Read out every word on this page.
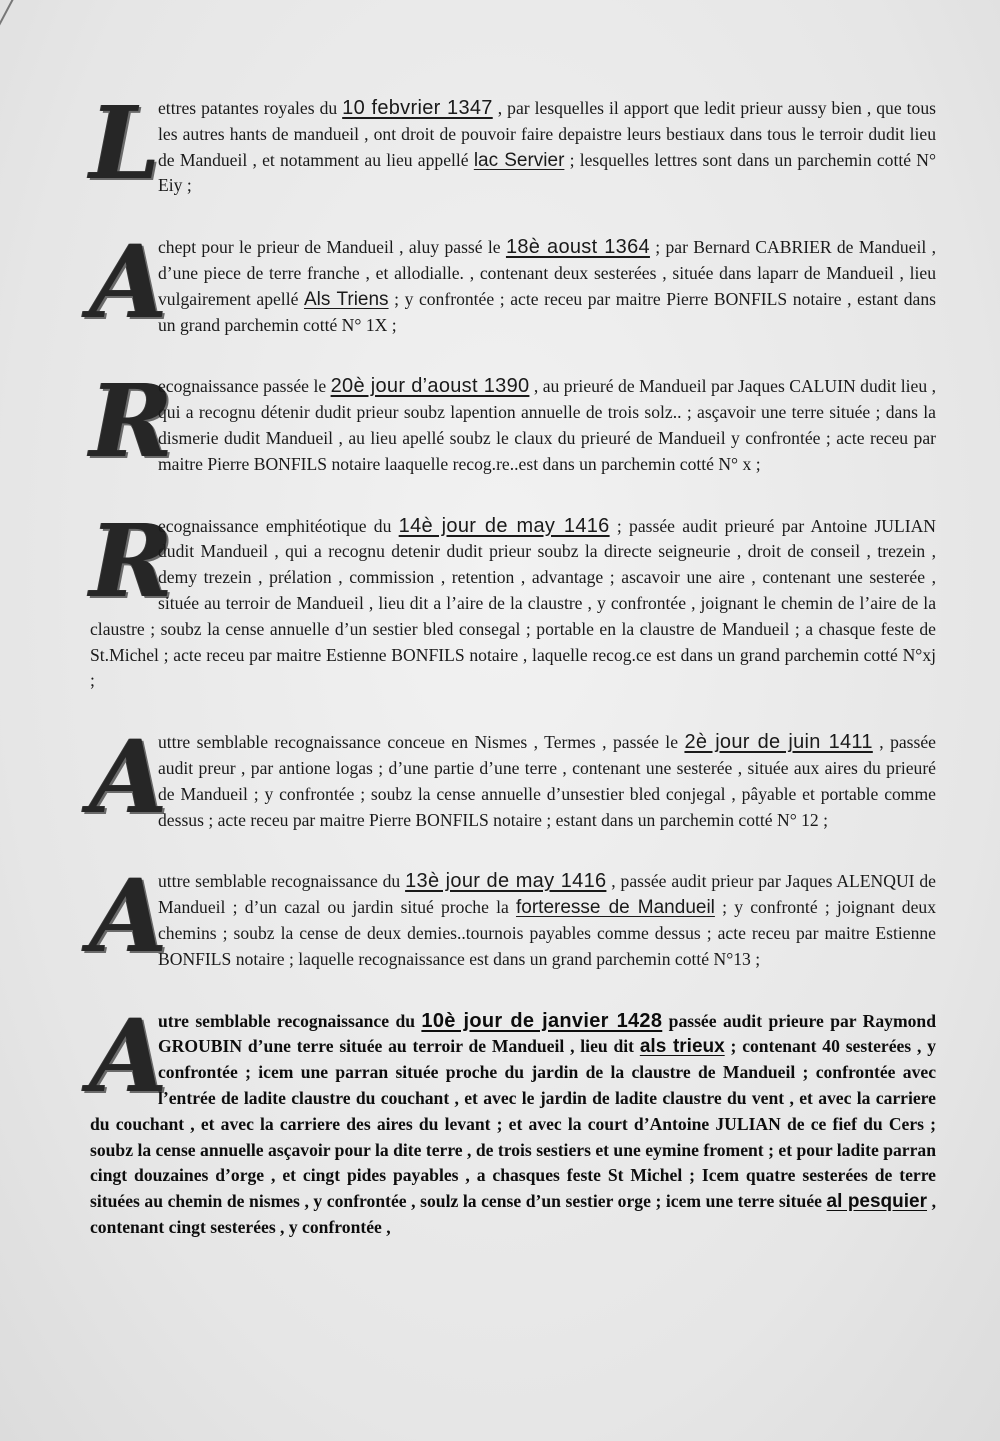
L
ettres patantes royales du 10 febvrier 1347 , par lesquelles il apport que ledit prieur aussy bien , que tous les autres hants de mandueil , ont droit de pouvoir faire depaistre leurs bestiaux dans tous le terroir dudit lieu de Mandueil , et notamment au lieu appellé lac Servier ; lesquelles lettres sont dans un parchemin cotté N° Eiy ;
A
chept pour le prieur de Mandueil , aluy passé le 18è aoust 1364 ; par Bernard CABRIER de Mandueil , d’une piece de terre franche , et allodialle. , contenant deux sesterées , située dans laparr de Mandueil , lieu vulgairement apellé Als Triens ; y confrontée ; acte receu par maitre Pierre BONFILS notaire , estant dans un grand parchemin cotté N° 1X ;
R
ecognaissance passée le 20è jour d’aoust 1390 , au prieuré de Mandueil par Jaques CALUIN dudit lieu , qui a recognu détenir dudit prieur soubz lapention annuelle de trois solz.. ; asçavoir une terre située ; dans la dismerie dudit Mandueil , au lieu apellé soubz le claux du prieuré de Mandueil y confrontée ; acte receu par maitre Pierre BONFILS notaire laaquelle recog.re..est dans un parchemin cotté N° x ;
R
ecognaissance emphitéotique du 14è jour de may 1416 ; passée audit prieuré par Antoine JULIAN dudit Mandueil , qui a recognu detenir dudit prieur soubz la directe seigneurie , droit de conseil , trezein , demy trezein , prélation , commission , retention , advantage ; ascavoir une aire , contenant une sesterée , située au terroir de Mandueil , lieu dit a l’aire de la claustre , y confrontée , joignant le chemin de l’aire de la claustre ; soubz la cense annuelle d’un sestier bled consegal ; portable en la claustre de Mandueil ; a chasque feste de St.Michel ; acte receu par maitre Estienne BONFILS notaire , laquelle recog.ce est dans un grand parchemin cotté N°xj ;
A
uttre semblable recognaissance conceue en Nismes , Termes , passée le 2è jour de juin 1411 , passée audit preur , par antione logas ; d’une partie d’une terre , contenant une sesterée , située aux aires du prieuré de Mandueil ; y confrontée ; soubz la cense annuelle d’unsestier bled conjegal , pâyable et portable comme dessus ; acte receu par maitre Pierre BONFILS notaire ; estant dans un parchemin cotté N° 12 ;
A
uttre semblable recognaissance du 13è jour de may 1416 , passée audit prieur par Jaques ALENQUI de Mandueil ; d’un cazal ou jardin situé proche la forteresse de Mandueil ; y confronté ; joignant deux chemins ; soubz la cense de deux demies..tournois payables comme dessus ; acte receu par maitre Estienne BONFILS notaire ; laquelle recognaissance est dans un grand parchemin cotté N°13 ;
A
utre semblable recognaissance du 10è jour de janvier 1428 passée audit prieure par Raymond GROUBIN d’une terre située au terroir de Mandueil , lieu dit als trieux ; contenant 40 sesterées , y confrontée ; icem une parran située proche du jardin de la claustre de Mandueil ; confrontée avec l’entrée de ladite claustre du couchant , et avec le jardin de ladite claustre du vent , et avec la carriere du couchant , et avec la carriere des aires du levant ; et avec la court d’Antoine JULIAN de ce fief du Cers ; soubz la cense annuelle asçavoir pour la dite terre , de trois sestiers et une eymine froment ; et pour ladite parran cingt douzaines d’orge , et cingt pides payables , a chasques feste St Michel ; Icem quatre sesterées de terre situées au chemin de nismes , y confrontée , soulz la cense d’un sestier orge ; icem une terre située al pesquier , contenant cingt sesterées , y confrontée ,
